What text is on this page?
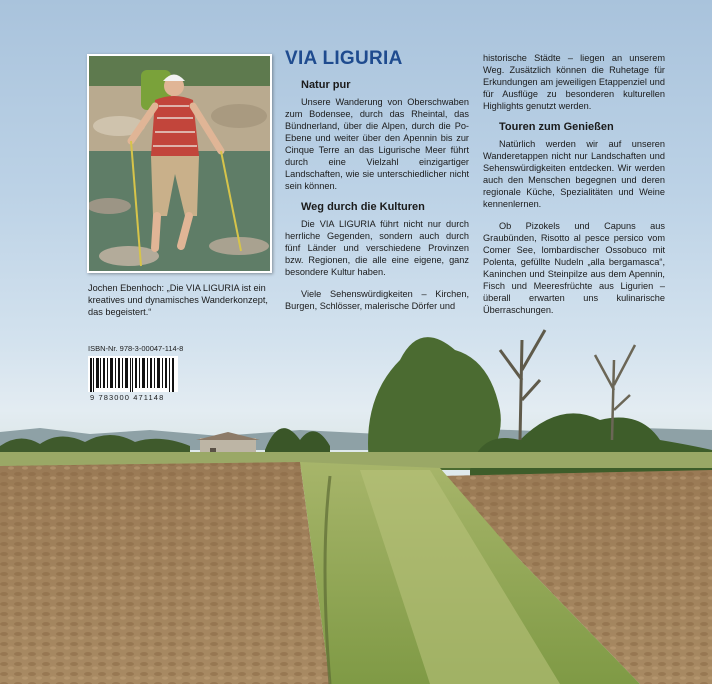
Jochen Ebenhoch: „Die VIA LIGURIA ist ein kreatives und dynamisches Wanderkonzept, das begeistert.“
VIA LIGURIA
Natur pur

Unsere Wanderung von Oberschwaben zum Bodensee, durch das Rheintal, das Bündnerland, über die Alpen, durch die Po-Ebene und weiter über den Apennin bis zur Cinque Terre an das Ligurische Meer führt durch eine Vielzahl einzigartiger Landschaften, wie sie unterschiedlicher nicht sein können.

Weg durch die Kulturen

Die VIA LIGURIA führt nicht nur durch herrliche Gegenden, sondern auch durch fünf Länder und verschiedene Provinzen bzw. Regionen, die alle eine eigene, ganz besondere Kultur haben.

Viele Sehenswürdigkeiten – Kirchen, Burgen, Schlösser, malerische Dörfer und

historische Städte – liegen an unserem Weg. Zusätzlich können die Ruhetage für Erkundungen am jeweiligen Etappenziel und für Ausflüge zu besonderen kulturellen Highlights genutzt werden.

Touren zum Genießen

Natürlich werden wir auf unseren Wanderetappen nicht nur Landschaften und Sehenswürdigkeiten entdecken. Wir werden auch den Menschen begegnen und deren regionale Küche, Spezialitäten und Weine kennenlernen.

Ob Pizokels und Capuns aus Graubünden, Risotto al pesce persico vom Comer See, lombardischer Ossobuco mit Polenta, gefüllte Nudeln „alla bergamasca“, Kaninchen und Steinpilze aus dem Apennin, Fisch und Meeresfrüchte aus Ligurien – überall erwarten uns kulinarische Überraschungen.

ISBN-Nr. 978-3-00047-114-8
9 783000 471148
